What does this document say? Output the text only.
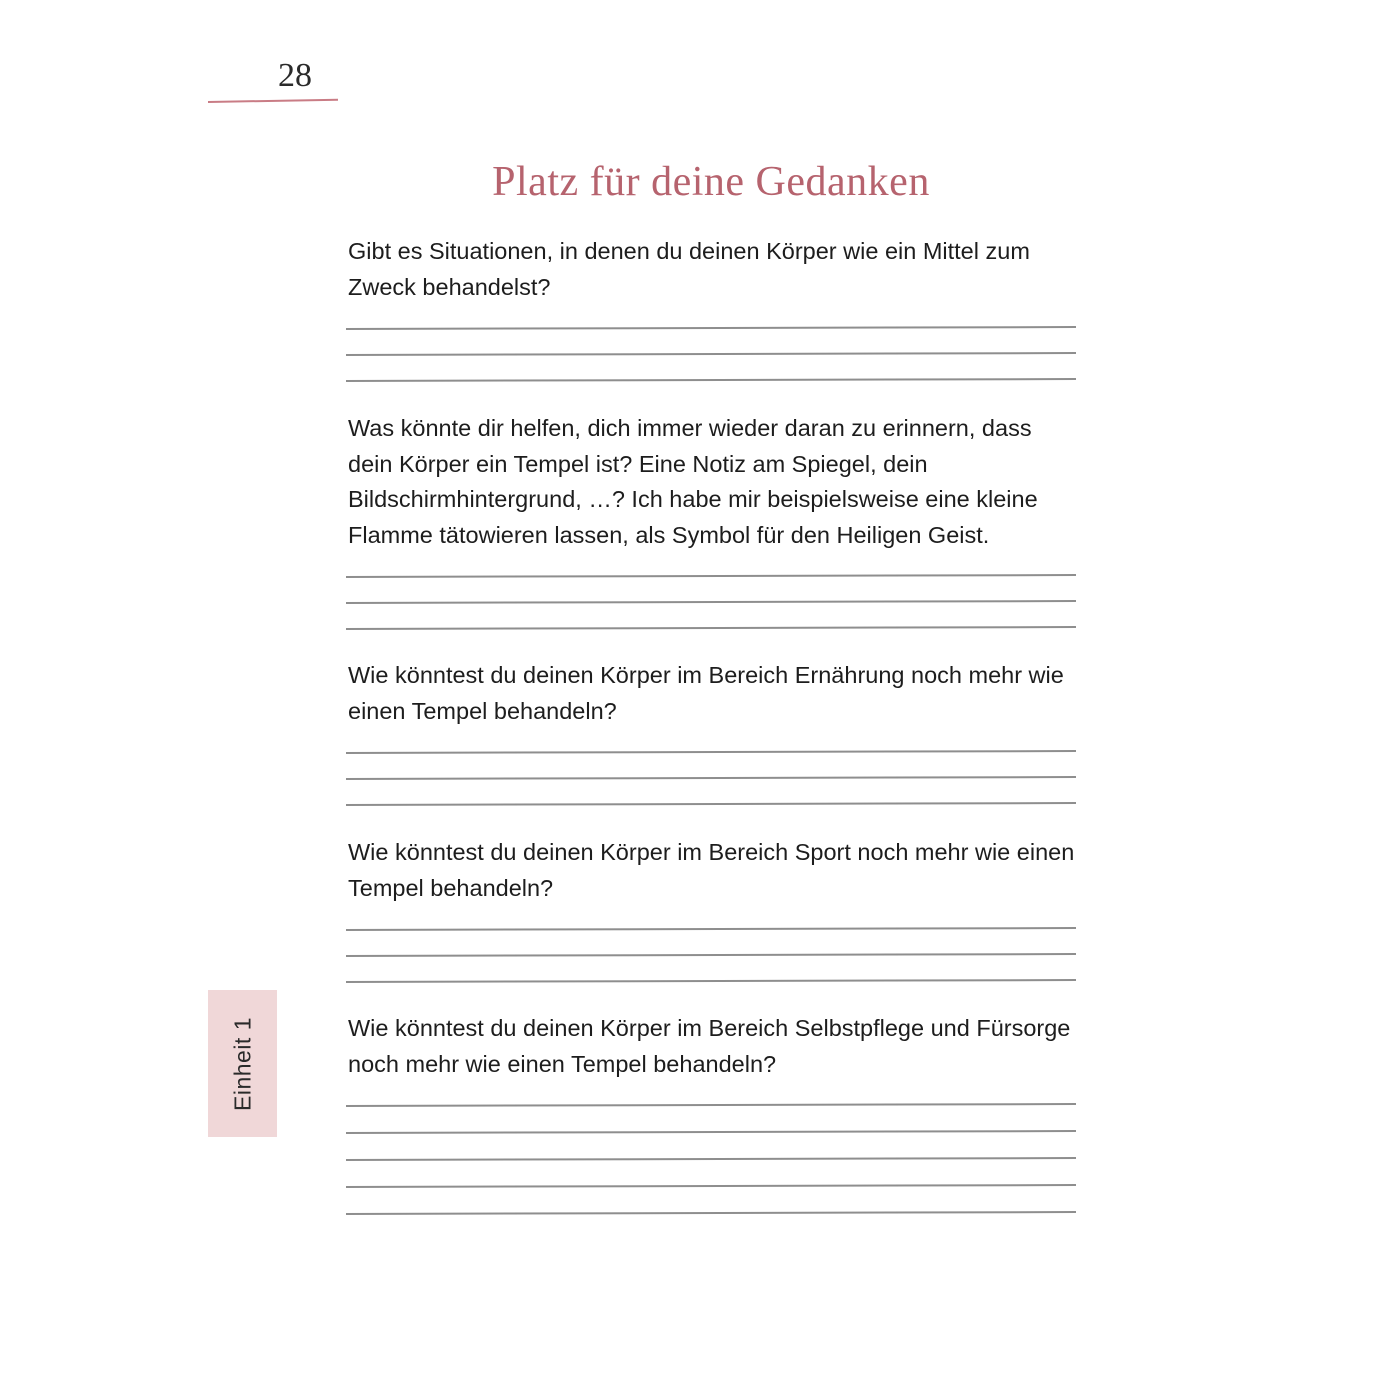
28
Platz für deine Gedanken

Gibt es Situationen, in denen du deinen Körper wie ein Mittel zum Zweck behandelst?

Was könnte dir helfen, dich immer wieder daran zu erinnern, dass dein Körper ein Tempel ist? Eine Notiz am Spiegel, dein Bildschirmhintergrund, …? Ich habe mir beispielsweise eine kleine Flamme tätowieren lassen, als Symbol für den Heiligen Geist.

Wie könntest du deinen Körper im Bereich Ernährung noch mehr wie einen Tempel behandeln?

Wie könntest du deinen Körper im Bereich Sport noch mehr wie einen Tempel behandeln?

Wie könntest du deinen Körper im Bereich Selbstpflege und Fürsorge noch mehr wie einen Tempel behandeln?

Einheit 1
